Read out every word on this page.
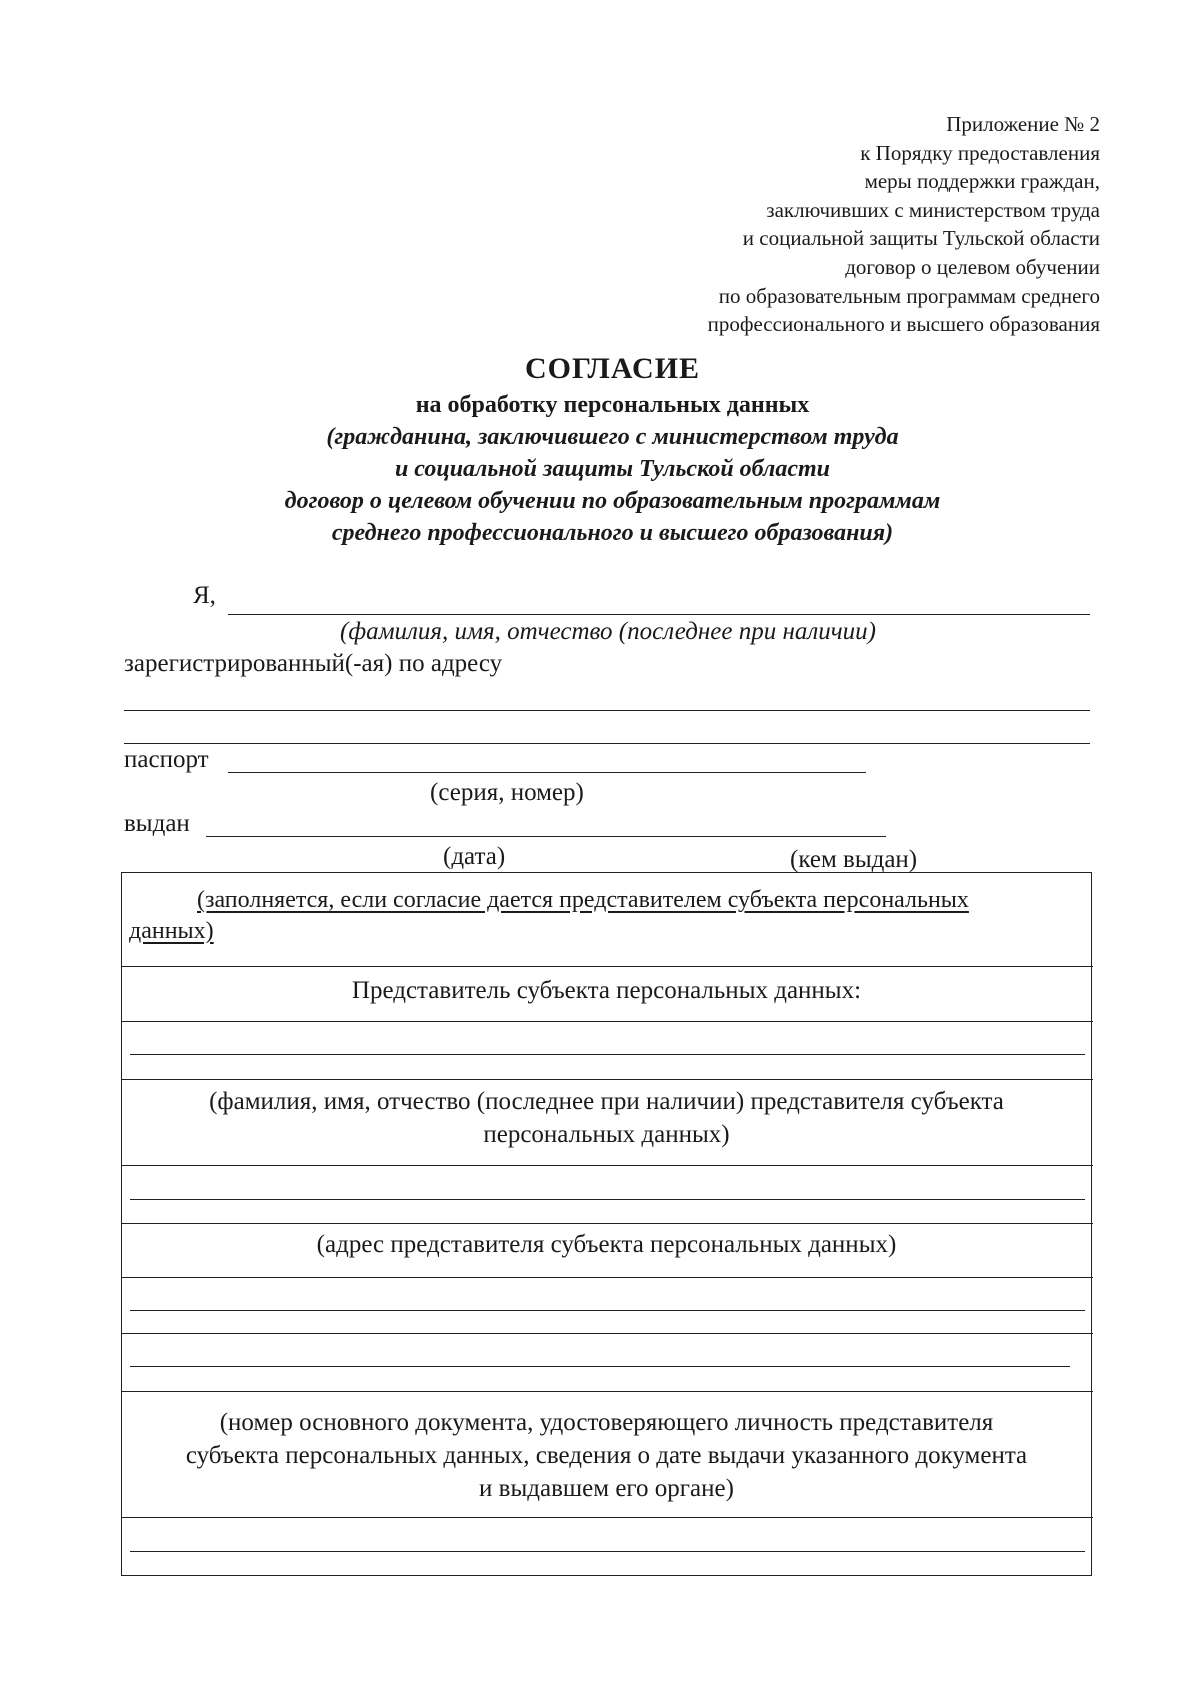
Приложение № 2
к Порядку предоставления
меры поддержки граждан,
заключивших с министерством труда
и социальной защиты Тульской области
договор о целевом обучении
по образовательным программам среднего
профессионального и высшего образования
СОГЛАСИЕ
на обработку персональных данных
(гражданина, заключившего с министерством труда
и социальной защиты Тульской области
договор о целевом обучении по образовательным программам
среднего профессионального и высшего образования)
Я,
(фамилия, имя, отчество (последнее при наличии)
зарегистрированный(-ая) по адресу
паспорт
(серия, номер)
выдан
(дата)	(кем выдан)
(заполняется, если согласие дается представителем субъекта персональных
данных)
Представитель субъекта персональных данных:
(фамилия, имя, отчество (последнее при наличии) представителя субъекта
персональных данных)
(адрес представителя субъекта персональных данных)
(номер основного документа, удостоверяющего личность представителя
субъекта персональных данных, сведения о дате выдачи указанного документа
и выдавшем его органе)
